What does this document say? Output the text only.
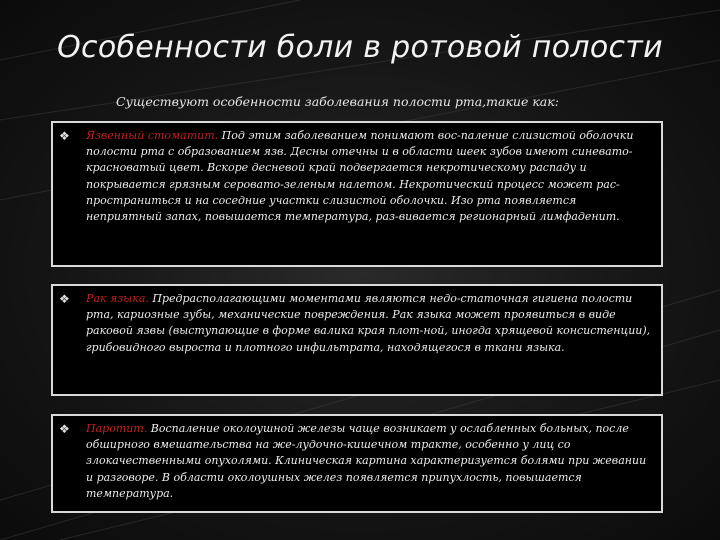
Особенности боли в ротовой полости
Существуют особенности заболевания полости рта,такие как:
❖ Язвенный стоматит. Под этим заболеванием понимают вос-паление слизистой оболочки полости рта с образованием язв. Десны отечны и в области шеек зубов имеют синевато-красноватый цвет. Вскоре десневой край подвергается некротическому распаду и покрывается грязным серовато-зеленым налетом. Некротический процесс может рас-пространиться и на соседние участки слизистой оболочки. Изо рта появляется неприятный запах, повышается температура, раз-вивается регионарный лимфаденит.
❖ Рак языка. Предрасполагающими моментами являются недо-статочная гигиена полости рта, кариозные зубы, механические повреждения. Рак языка может проявиться в виде раковой язвы (выступающие в форме валика края плот-ной, иногда хрящевой консистенции), грибовидного выроста и плотного инфильтрата, находящегося в ткани языка.
❖ Паротит. Воспаление околоушной железы чаще возникает у ослабленных больных, после обширного вмешательства на же-лудочно-кишечном тракте, особенно у лиц со злокачественными опухолями. Клиническая картина характеризуется болями при жевании и разговоре. В области околоушных желез появляется припухлость, повышается температура.
